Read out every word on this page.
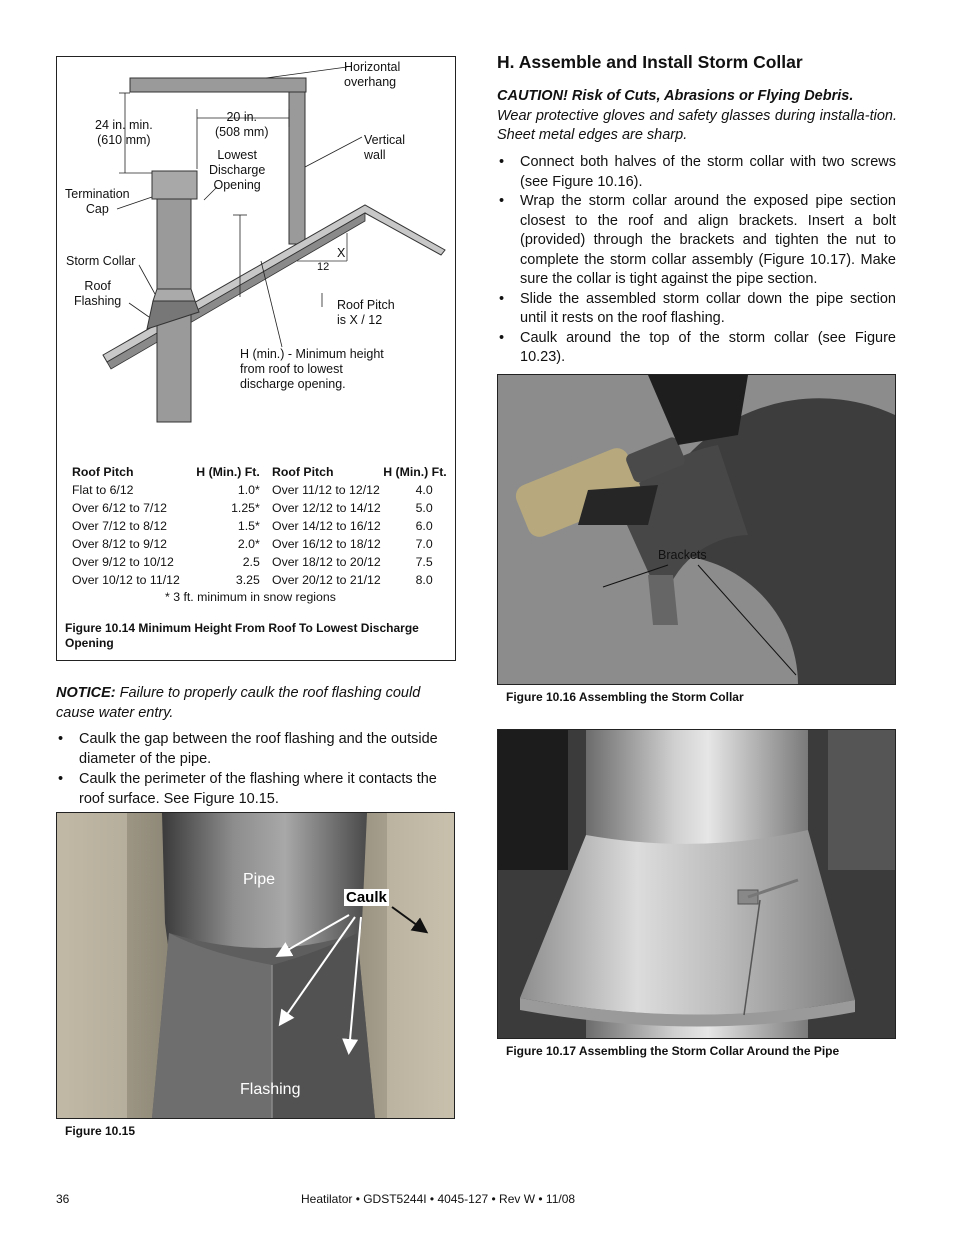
Horizontal
overhang
24 in. min.
(610 mm)
20 in.
(508 mm)
Vertical
wall
Lowest
Discharge
Opening
Termination
Cap
Storm Collar
Roof
Flashing
X
12
Roof Pitch
is X / 12
H (min.) - Minimum height
from roof to lowest
discharge opening.
Roof Pitch	H (Min.) Ft.
Flat to 6/12	1.0*
Over 6/12 to 7/12	1.25*
Over 7/12 to 8/12	1.5*
Over 8/12 to 9/12	2.0*
Over 9/12 to 10/12	2.5
Over 10/12 to 11/12	3.25
Roof Pitch	H (Min.) Ft.
Over 11/12 to 12/12	4.0
Over 12/12 to 14/12	5.0
Over 14/12 to 16/12	6.0
Over 16/12 to 18/12	7.0
Over 18/12 to 20/12	7.5
Over 20/12 to 21/12	8.0
* 3 ft. minimum in snow regions
Figure 10.14 Minimum Height From Roof To Lowest Discharge
Opening
NOTICE: Failure to properly caulk the roof flashing could cause water entry.
• Caulk the gap between the roof flashing and the outside diameter of the pipe.
• Caulk the perimeter of the flashing where it contacts the roof surface. See Figure 10.15.
Pipe
Caulk
Flashing
Figure 10.15
H. Assemble and Install Storm Collar
CAUTION! Risk of Cuts, Abrasions or Flying Debris.
Wear protective gloves and safety glasses during installa-tion. Sheet metal edges are sharp.
• Connect both halves of the storm collar with two screws (see Figure 10.16).
• Wrap the storm collar around the exposed pipe section closest to the roof and align brackets. Insert a bolt (provided) through the brackets and tighten the nut to complete the storm collar assembly (Figure 10.17). Make sure the collar is tight against the pipe section.
• Slide the assembled storm collar down the pipe section until it rests on the roof flashing.
• Caulk around the top of the storm collar (see Figure 10.23).
Brackets
Figure 10.16 Assembling the Storm Collar
Figure 10.17 Assembling the Storm Collar Around the Pipe
36	Heatilator • GDST5244I • 4045-127 • Rev W • 11/08
